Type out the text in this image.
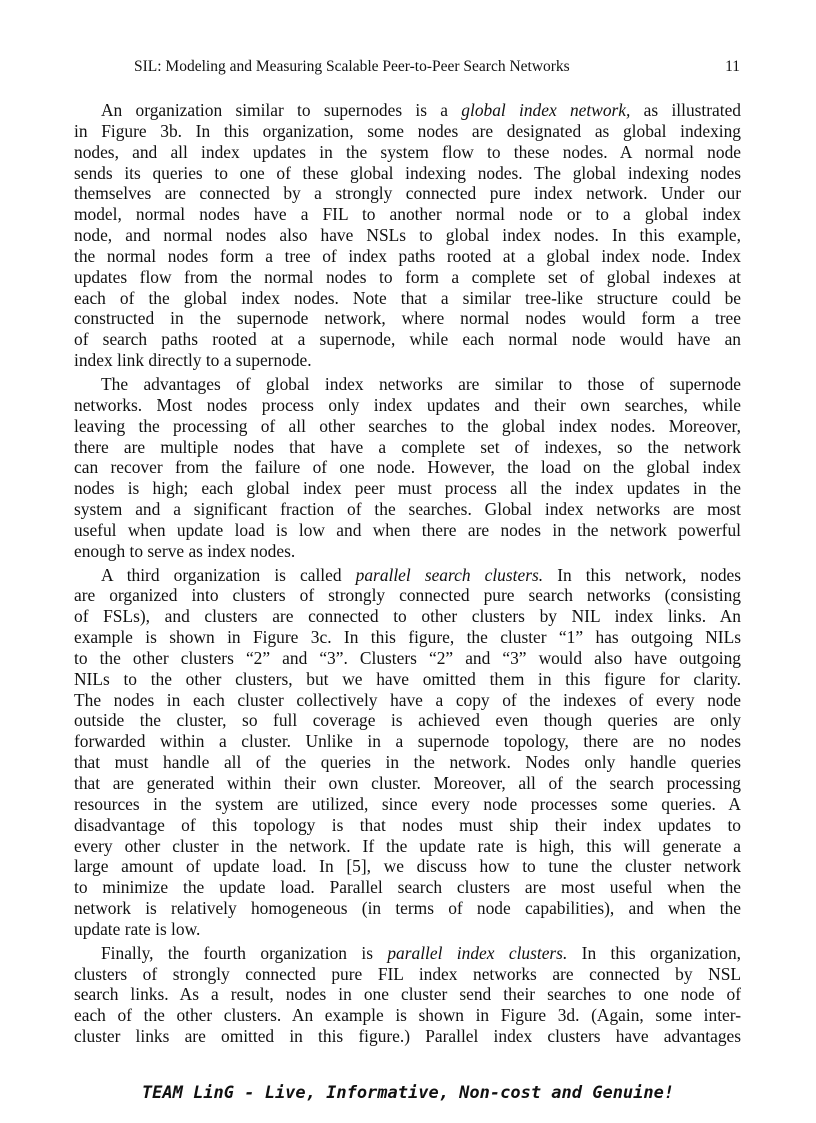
SIL: Modeling and Measuring Scalable Peer-to-Peer Search Networks	11
An organization similar to supernodes is a global index network, as illustrated
in Figure 3b. In this organization, some nodes are designated as global indexing
nodes, and all index updates in the system flow to these nodes. A normal node
sends its queries to one of these global indexing nodes. The global indexing nodes
themselves are connected by a strongly connected pure index network. Under our
model, normal nodes have a FIL to another normal node or to a global index
node, and normal nodes also have NSLs to global index nodes. In this example,
the normal nodes form a tree of index paths rooted at a global index node. Index
updates flow from the normal nodes to form a complete set of global indexes at
each of the global index nodes. Note that a similar tree-like structure could be
constructed in the supernode network, where normal nodes would form a tree
of search paths rooted at a supernode, while each normal node would have an
index link directly to a supernode.
The advantages of global index networks are similar to those of supernode
networks. Most nodes process only index updates and their own searches, while
leaving the processing of all other searches to the global index nodes. Moreover,
there are multiple nodes that have a complete set of indexes, so the network
can recover from the failure of one node. However, the load on the global index
nodes is high; each global index peer must process all the index updates in the
system and a significant fraction of the searches. Global index networks are most
useful when update load is low and when there are nodes in the network powerful
enough to serve as index nodes.
A third organization is called parallel search clusters. In this network, nodes
are organized into clusters of strongly connected pure search networks (consisting
of FSLs), and clusters are connected to other clusters by NIL index links. An
example is shown in Figure 3c. In this figure, the cluster “1” has outgoing NILs
to the other clusters “2” and “3”. Clusters “2” and “3” would also have outgoing
NILs to the other clusters, but we have omitted them in this figure for clarity.
The nodes in each cluster collectively have a copy of the indexes of every node
outside the cluster, so full coverage is achieved even though queries are only
forwarded within a cluster. Unlike in a supernode topology, there are no nodes
that must handle all of the queries in the network. Nodes only handle queries
that are generated within their own cluster. Moreover, all of the search processing
resources in the system are utilized, since every node processes some queries. A
disadvantage of this topology is that nodes must ship their index updates to
every other cluster in the network. If the update rate is high, this will generate a
large amount of update load. In [5], we discuss how to tune the cluster network
to minimize the update load. Parallel search clusters are most useful when the
network is relatively homogeneous (in terms of node capabilities), and when the
update rate is low.
Finally, the fourth organization is parallel index clusters. In this organization,
clusters of strongly connected pure FIL index networks are connected by NSL
search links. As a result, nodes in one cluster send their searches to one node of
each of the other clusters. An example is shown in Figure 3d. (Again, some inter-
cluster links are omitted in this figure.) Parallel index clusters have advantages
TEAM LinG - Live, Informative, Non-cost and Genuine!
